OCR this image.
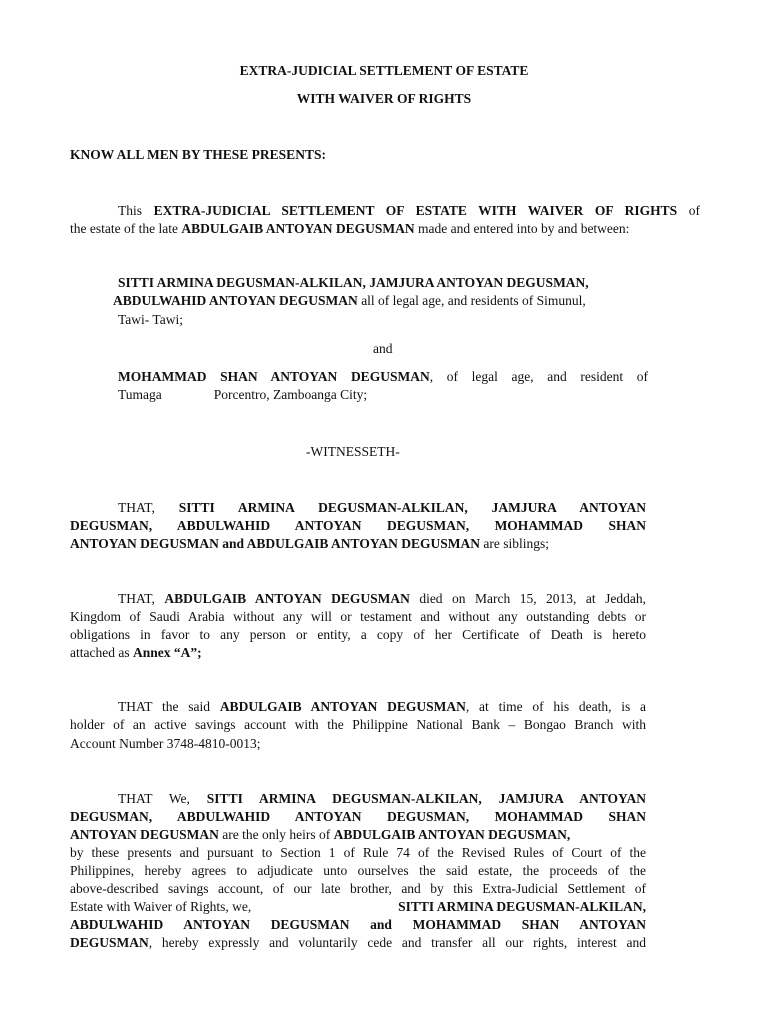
EXTRA-JUDICIAL SETTLEMENT OF ESTATE
WITH WAIVER OF RIGHTS
KNOW ALL MEN BY THESE PRESENTS:
This EXTRA-JUDICIAL SETTLEMENT OF ESTATE WITH WAIVER OF RIGHTS of
the estate of the late ABDULGAIB ANTOYAN DEGUSMAN made and entered into by and between:
SITTI ARMINA DEGUSMAN-ALKILAN, JAMJURA ANTOYAN DEGUSMAN,
ABDULWAHID ANTOYAN DEGUSMAN all of legal age, and residents of Simunul,
Tawi- Tawi;
and
MOHAMMAD SHAN ANTOYAN DEGUSMAN, of legal age, and resident of
Tumaga	Porcentro, Zamboanga City;
-WITNESSETH-
THAT, SITTI ARMINA DEGUSMAN-ALKILAN, JAMJURA ANTOYAN
DEGUSMAN, ABDULWAHID ANTOYAN DEGUSMAN, MOHAMMAD SHAN
ANTOYAN DEGUSMAN and ABDULGAIB ANTOYAN DEGUSMAN are siblings;
THAT, ABDULGAIB ANTOYAN DEGUSMAN died on March 15, 2013, at Jeddah,
Kingdom of Saudi Arabia without any will or testament and without any outstanding debts or
obligations in favor to any person or entity, a copy of her Certificate of Death is hereto
attached as Annex “A”;
THAT the said ABDULGAIB ANTOYAN DEGUSMAN, at time of his death, is a
holder of an active savings account with the Philippine National Bank – Bongao Branch with
Account Number 3748-4810-0013;
THAT We, SITTI ARMINA DEGUSMAN-ALKILAN, JAMJURA ANTOYAN
DEGUSMAN, ABDULWAHID ANTOYAN DEGUSMAN, MOHAMMAD SHAN
ANTOYAN DEGUSMAN are the only heirs of ABDULGAIB ANTOYAN DEGUSMAN,
by these presents and pursuant to Section 1 of Rule 74 of the Revised Rules of Court of the
Philippines, hereby agrees to adjudicate unto ourselves the said estate, the proceeds of the
above-described savings account, of our late brother, and by this Extra-Judicial Settlement of
Estate with Waiver of Rights, we,	SITTI ARMINA DEGUSMAN-ALKILAN,
ABDULWAHID ANTOYAN DEGUSMAN and MOHAMMAD SHAN ANTOYAN
DEGUSMAN, hereby expressly and voluntarily cede and transfer all our rights, interest and
